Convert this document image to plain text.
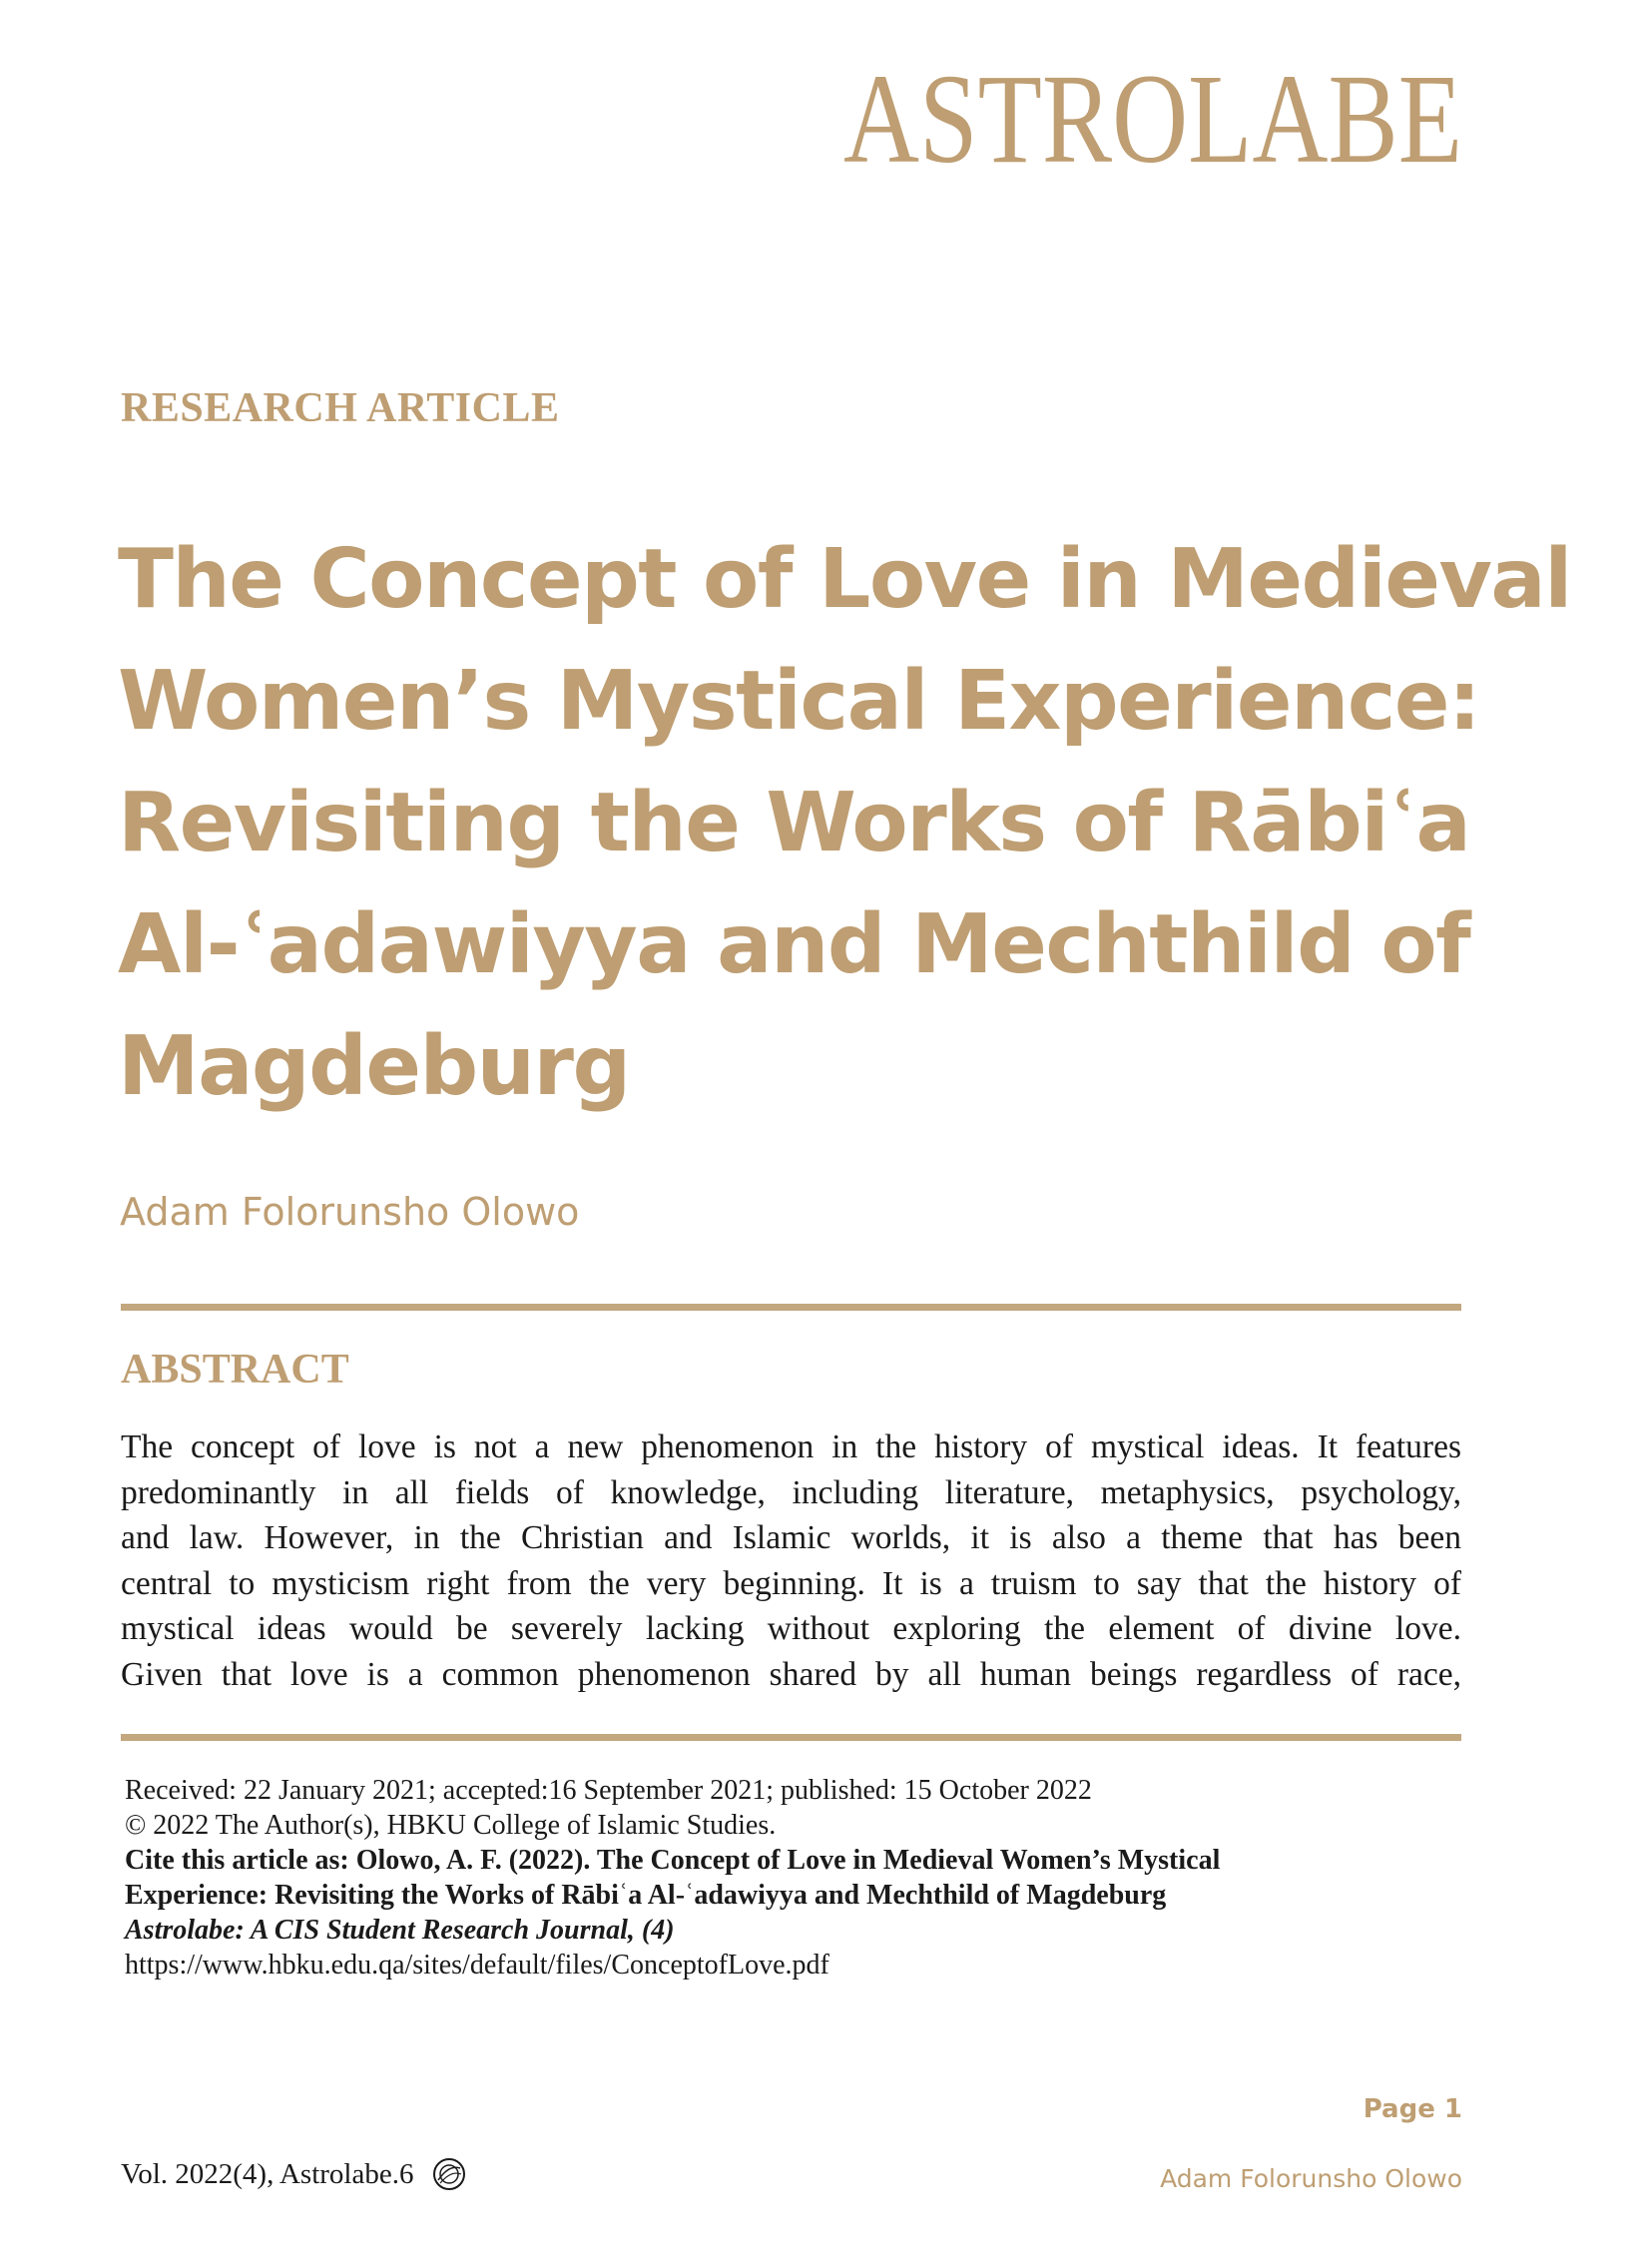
ASTROLABE
RESEARCH ARTICLE
The Concept of Love in Medieval
Women’s Mystical Experience:
Revisiting the Works of Rābiʿa
Al-ʿadawiyya and Mechthild of
Magdeburg

Adam Folorunsho Olowo

ABSTRACT

The concept of love is not a new phenomenon in the history of mystical ideas. It features
predominantly in all fields of knowledge, including literature, metaphysics, psychology,
and law. However, in the Christian and Islamic worlds, it is also a theme that has been
central to mysticism right from the very beginning. It is a truism to say that the history of
mystical ideas would be severely lacking without exploring the element of divine love.
Given that love is a common phenomenon shared by all human beings regardless of race,

Received: 22 January 2021; accepted:16 September 2021; published: 15 October 2022
© 2022 The Author(s), HBKU College of Islamic Studies.
Cite this article as: Olowo, A. F. (2022). The Concept of Love in Medieval Women’s Mystical
Experience: Revisiting the Works of Rābiʿa Al-ʿadawiyya and Mechthild of Magdeburg
Astrolabe: A CIS Student Research Journal, (4)
https://www.hbku.edu.qa/sites/default/files/ConceptofLove.pdf
Page 1
Vol. 2022(4), Astrolabe.6	Adam Folorunsho Olowo
